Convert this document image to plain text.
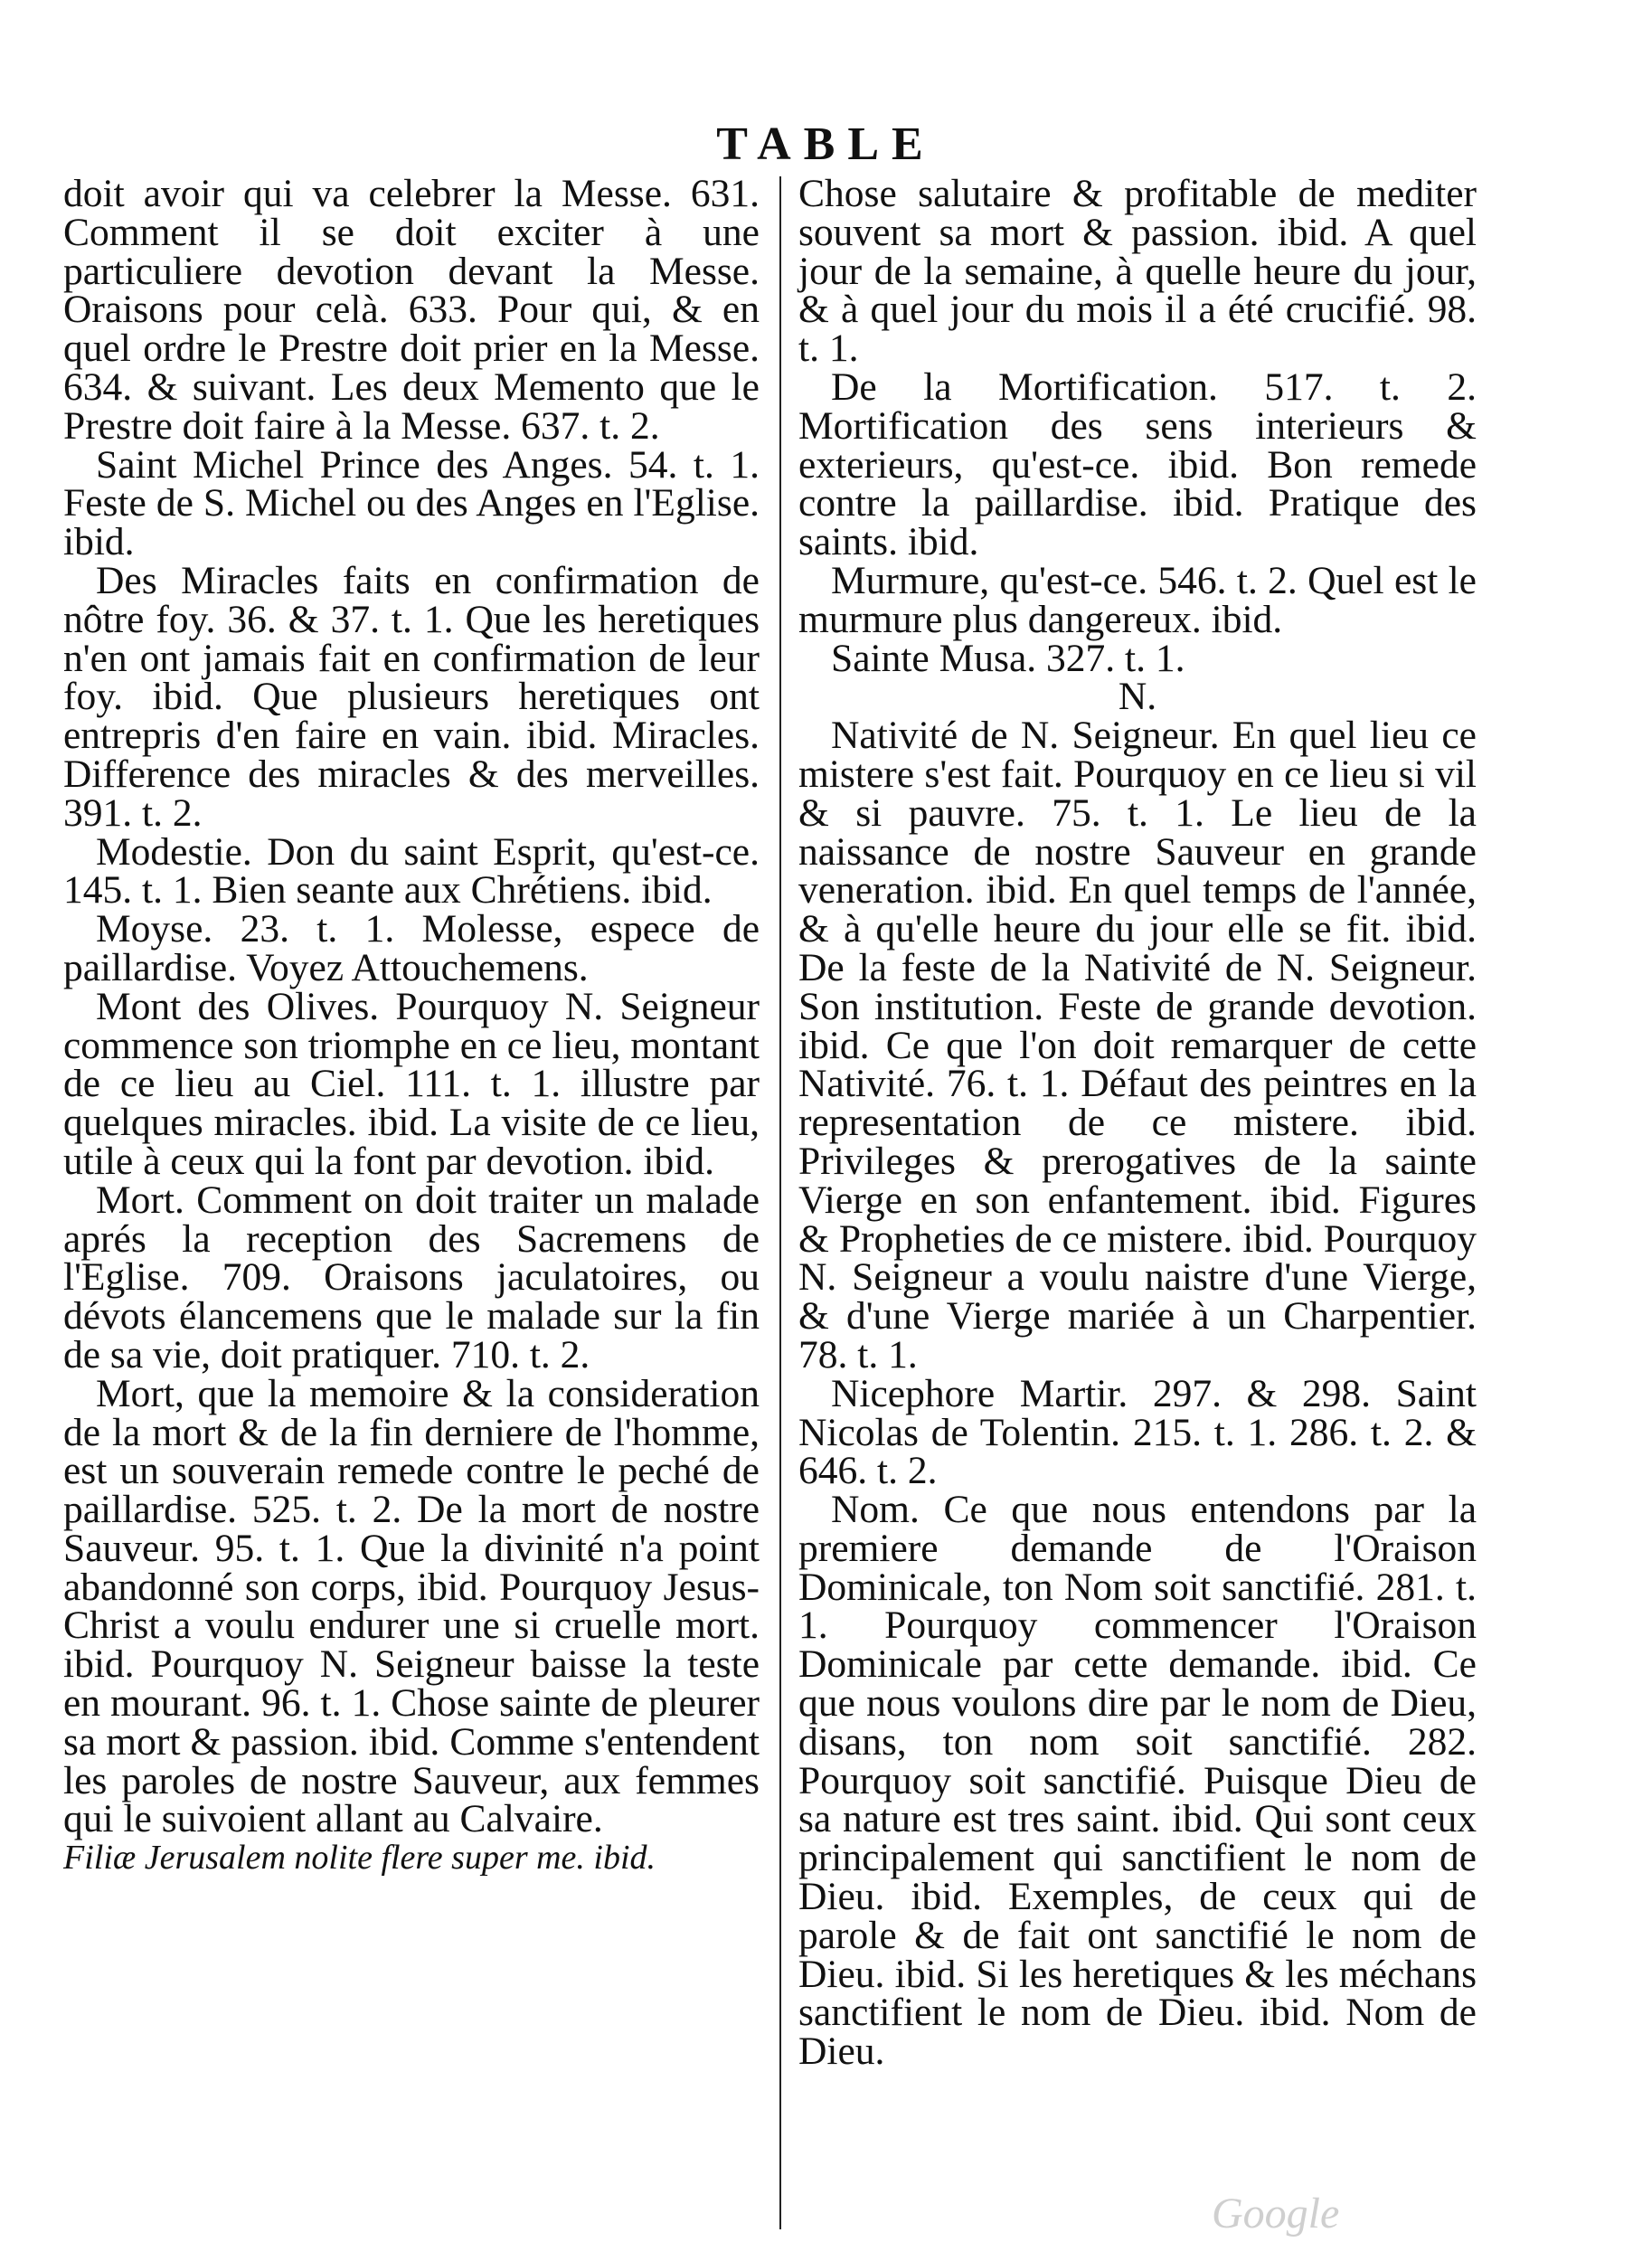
TABLE

doit avoir qui va celebrer la Messe. 631. Comment il se doit exciter à une particuliere devotion devant la Messe. Oraisons pour celà. 633. Pour qui, & en quel ordre le Prestre doit prier en la Messe. 634. & suivant. Les deux Memento que le Prestre doit faire à la Messe. 637. t. 2.

Saint Michel Prince des Anges. 54. t. 1. Feste de S. Michel ou des Anges en l'Eglise. ibid.

Des Miracles faits en confirmation de nôtre foy. 36. & 37. t. 1. Que les heretiques n'en ont jamais fait en confirmation de leur foy. ibid. Que plusieurs heretiques ont entrepris d'en faire en vain. ibid. Miracles. Difference des miracles & des merveilles. 391. t. 2.

Modestie. Don du saint Esprit, qu'est-ce. 145. t. 1. Bien seante aux Chrétiens. ibid.

Moyse. 23. t. 1. Molesse, espece de paillardise. Voyez Attouchemens.

Mont des Olives. Pourquoy N. Seigneur commence son triomphe en ce lieu, montant de ce lieu au Ciel. 111. t. 1. illustre par quelques miracles. ibid. La visite de ce lieu, utile à ceux qui la font par devotion. ibid.

Mort. Comment on doit traiter un malade aprés la reception des Sacremens de l'Eglise. 709. Oraisons jaculatoires, ou dévots élancemens que le malade sur la fin de sa vie, doit pratiquer. 710. t. 2.

Mort, que la memoire & la consideration de la mort & de la fin derniere de l'homme, est un souverain remede contre le peché de paillardise. 525. t. 2. De la mort de nostre Sauveur. 95. t. 1. Que la divinité n'a point abandonné son corps, ibid. Pourquoy Jesus-Christ a voulu endurer une si cruelle mort. ibid. Pourquoy N. Seigneur baisse la teste en mourant. 96. t. 1. Chose sainte de pleurer sa mort & passion. ibid. Comme s'entendent les paroles de nostre Sauveur, aux femmes qui le suivoient allant au Calvaire.

Filiæ Jerusalem nolite flere super me. ibid.

Chose salutaire & profitable de mediter souvent sa mort & passion. ibid. A quel jour de la semaine, à quelle heure du jour, & à quel jour du mois il a été crucifié. 98. t. 1.

De la Mortification. 517. t. 2. Mortification des sens interieurs & exterieurs, qu'est-ce. ibid. Bon remede contre la paillardise. ibid. Pratique des saints. ibid.

Murmure, qu'est-ce. 546. t. 2. Quel est le murmure plus dangereux. ibid.

Sainte Musa. 327. t. 1.

N.

Nativité de N. Seigneur. En quel lieu ce mistere s'est fait. Pourquoy en ce lieu si vil & si pauvre. 75. t. 1. Le lieu de la naissance de nostre Sauveur en grande veneration. ibid. En quel temps de l'année, & à qu'elle heure du jour elle se fit. ibid. De la feste de la Nativité de N. Seigneur. Son institution. Feste de grande devotion. ibid. Ce que l'on doit remarquer de cette Nativité. 76. t. 1. Défaut des peintres en la representation de ce mistere. ibid. Privileges & prerogatives de la sainte Vierge en son enfantement. ibid. Figures & Propheties de ce mistere. ibid. Pourquoy N. Seigneur a voulu naistre d'une Vierge, & d'une Vierge mariée à un Charpentier. 78. t. 1.

Nicephore Martir. 297. & 298. Saint Nicolas de Tolentin. 215. t. 1. 286. t. 2. & 646. t. 2.

Nom. Ce que nous entendons par la premiere demande de l'Oraison Dominicale, ton Nom soit sanctifié. 281. t. 1. Pourquoy commencer l'Oraison Dominicale par cette demande. ibid. Ce que nous voulons dire par le nom de Dieu, disans, ton nom soit sanctifié. 282. Pourquoy soit sanctifié. Puisque Dieu de sa nature est tres saint. ibid. Qui sont ceux principalement qui sanctifient le nom de Dieu. ibid. Exemples, de ceux qui de parole & de fait ont sanctifié le nom de Dieu. ibid. Si les heretiques & les méchans sanctifient le nom de Dieu. ibid. Nom de Dieu.

Google
